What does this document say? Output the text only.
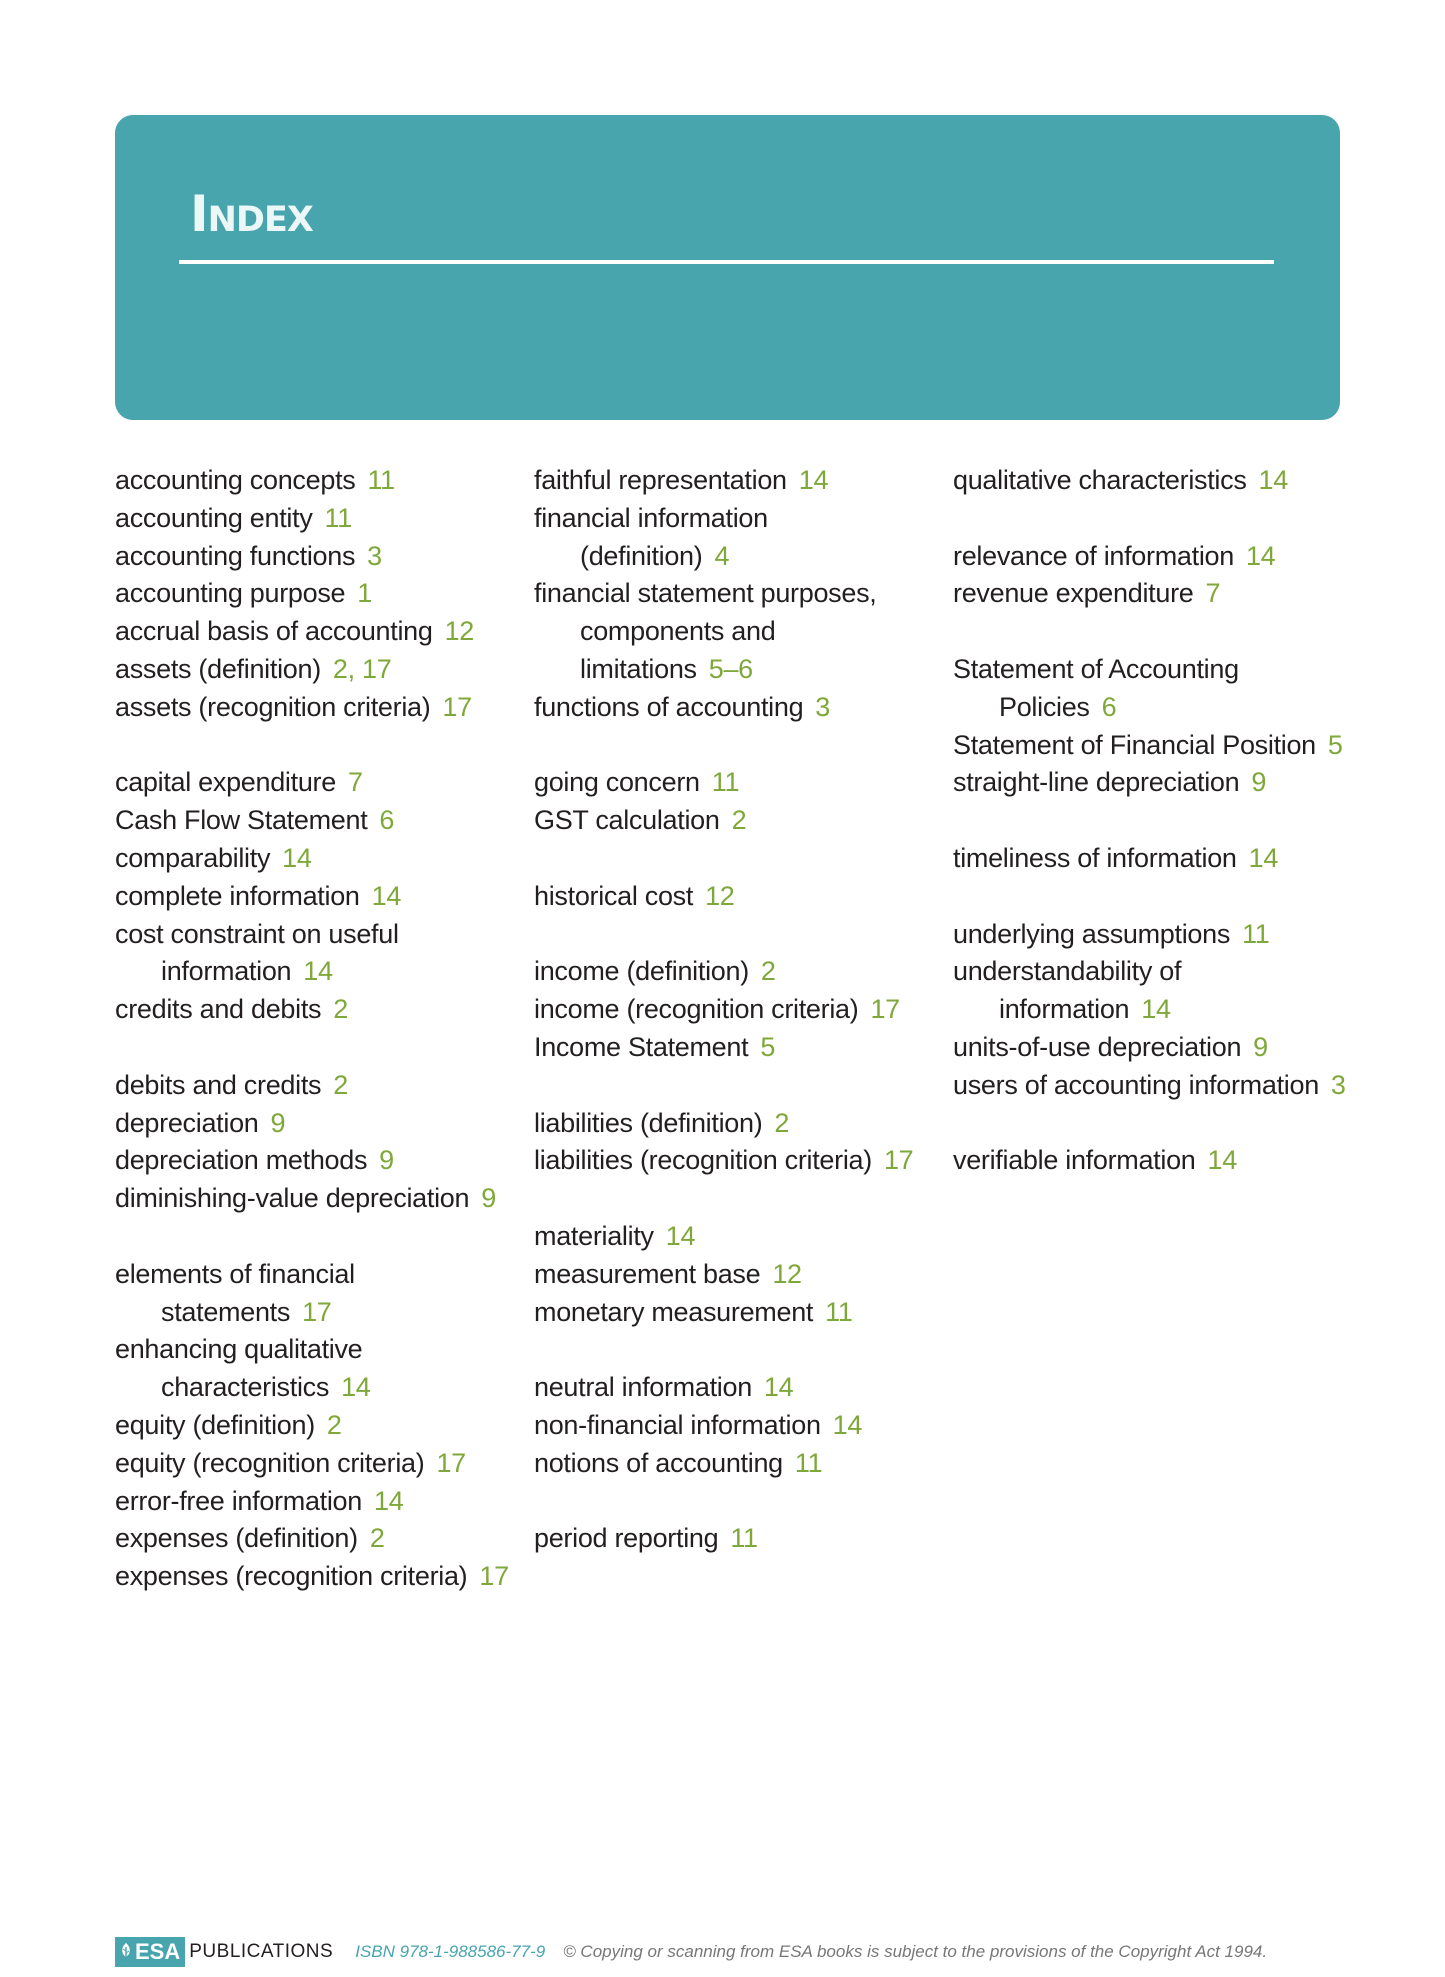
Index
accounting concepts 11
accounting entity 11
accounting functions 3
accounting purpose 1
accrual basis of accounting 12
assets (definition) 2, 17
assets (recognition criteria) 17
capital expenditure 7
Cash Flow Statement 6
comparability 14
complete information 14
cost constraint on useful
information 14
credits and debits 2
debits and credits 2
depreciation 9
depreciation methods 9
diminishing-value depreciation 9
elements of financial
statements 17
enhancing qualitative
characteristics 14
equity (definition) 2
equity (recognition criteria) 17
error-free information 14
expenses (definition) 2
expenses (recognition criteria) 17
faithful representation 14
financial information
(definition) 4
financial statement purposes,
components and
limitations 5–6
functions of accounting 3
going concern 11
GST calculation 2
historical cost 12
income (definition) 2
income (recognition criteria) 17
Income Statement 5
liabilities (definition) 2
liabilities (recognition criteria) 17
materiality 14
measurement base 12
monetary measurement 11
neutral information 14
non-financial information 14
notions of accounting 11
period reporting 11
qualitative characteristics 14
relevance of information 14
revenue expenditure 7
Statement of Accounting
Policies 6
Statement of Financial Position 5
straight-line depreciation 9
timeliness of information 14
underlying assumptions 11
understandability of
information 14
units-of-use depreciation 9
users of accounting information 3
verifiable information 14
ESA PUBLICATIONS ISBN 978-1-988586-77-9 © Copying or scanning from ESA books is subject to the provisions of the Copyright Act 1994.
